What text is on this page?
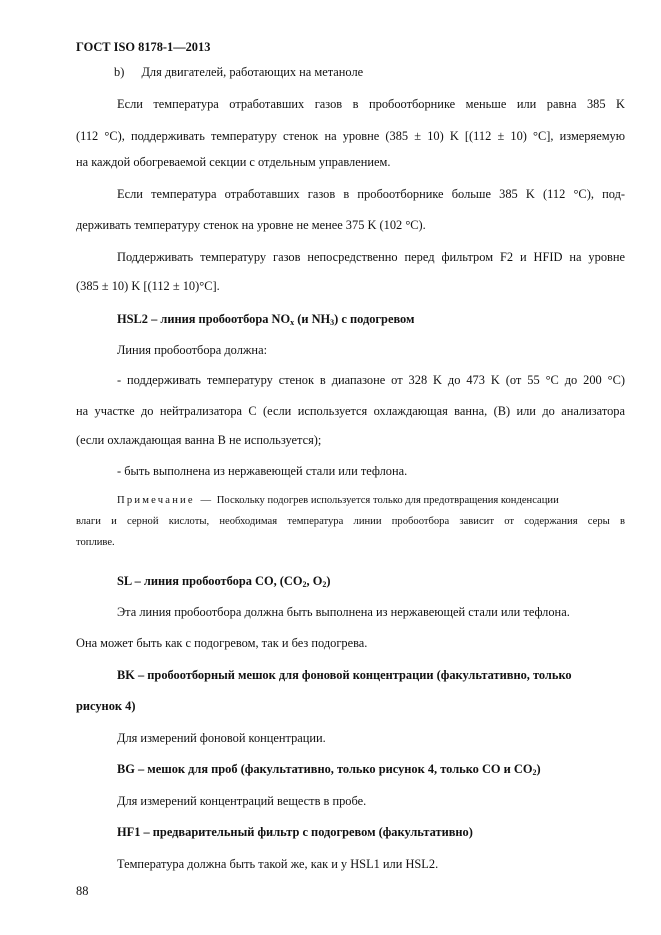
ГОСТ ISO 8178-1—2013
b) Для двигателей, работающих на метаноле
Если температура отработавших газов в пробоотборнике меньше или равна 385 K
(112 °C), поддерживать температуру стенок на уровне (385 ± 10) K [(112 ± 10) °C], измеряемую
на каждой обогреваемой секции с отдельным управлением.
Если температура отработавших газов в пробоотборнике больше 385 K (112 °C), под-
держивать температуру стенок на уровне не менее 375 K (102 °C).
Поддерживать температуру газов непосредственно перед фильтром F2 и HFID на уровне
(385 ± 10) K [(112 ± 10)°C].
HSL2 – линия пробоотбора $NO_x$ (и $NH_3$) с подогревом
Линия пробоотбора должна:
- поддерживать температуру стенок в диапазоне от 328 K до 473 K (от 55 °C до 200 °C)
на участке до нейтрализатора C (если используется охлаждающая ванна, (B) или до анализатора
(если охлаждающая ванна B не используется);
- быть выполнена из нержавеющей стали или тефлона.
Примечание — Поскольку подогрев используется только для предотвращения конденсации
влаги и серной кислоты, необходимая температура линии пробоотбора зависит от содержания серы в
топливе.
SL – линия пробоотбора CO, ($CO_2$, $O_2$)
Эта линия пробоотбора должна быть выполнена из нержавеющей стали или тефлона.
Она может быть как с подогревом, так и без подогрева.
BK – пробоотборный мешок для фоновой концентрации (факультативно, только
рисунок 4)
Для измерений фоновой концентрации.
BG – мешок для проб (факультативно, только рисунок 4, только CO и $CO_2$)
Для измерений концентраций веществ в пробе.
HF1 – предварительный фильтр с подогревом (факультативно)
Температура должна быть такой же, как и у HSL1 или HSL2.
88
